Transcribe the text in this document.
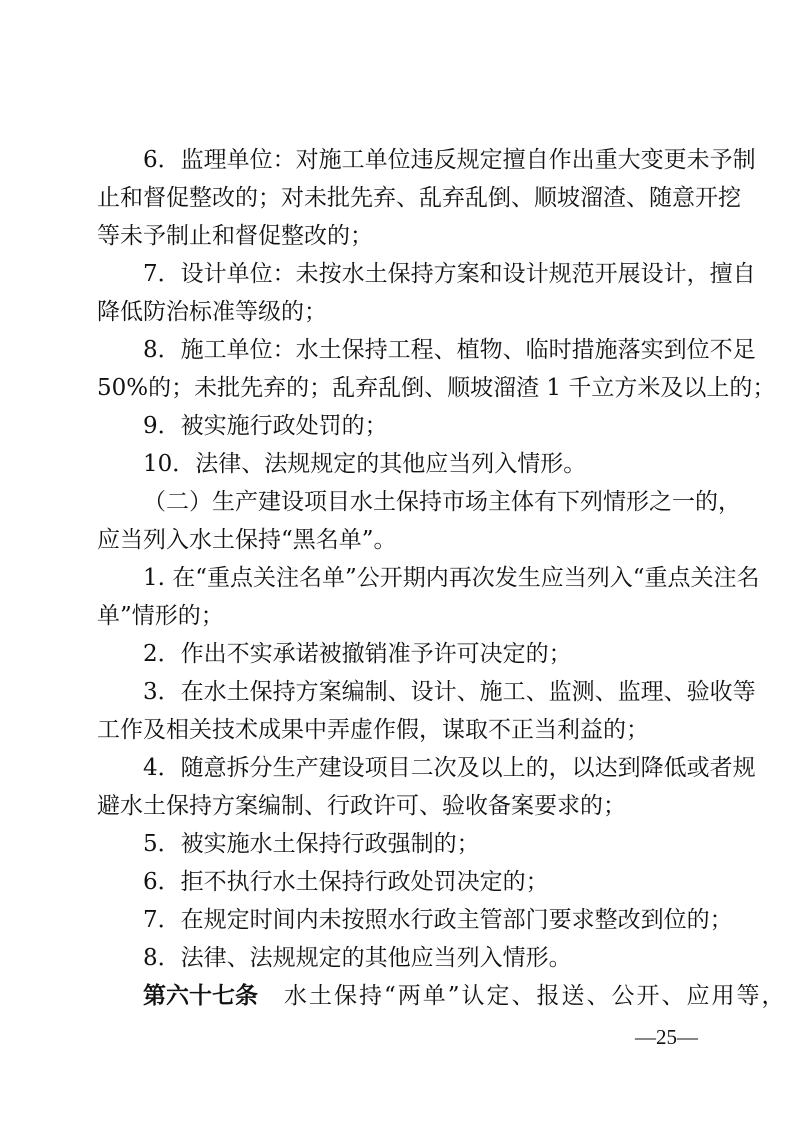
6．监理单位：对施工单位违反规定擅自作出重大变更未予制
止和督促整改的；对未批先弃、乱弃乱倒、顺坡溜渣、随意开挖
等未予制止和督促整改的；
7．设计单位：未按水土保持方案和设计规范开展设计，擅自
降低防治标准等级的；
8．施工单位：水土保持工程、植物、临时措施落实到位不足
50%的；未批先弃的；乱弃乱倒、顺坡溜渣 1 千立方米及以上的；
9．被实施行政处罚的；
10．法律、法规规定的其他应当列入情形。
（二）生产建设项目水土保持市场主体有下列情形之一的，
应当列入水土保持“黑名单”。
1. 在“重点关注名单”公开期内再次发生应当列入“重点关注名
单”情形的；
2．作出不实承诺被撤销准予许可决定的；
3．在水土保持方案编制、设计、施工、监测、监理、验收等
工作及相关技术成果中弄虚作假，谋取不正当利益的；
4．随意拆分生产建设项目二次及以上的，以达到降低或者规
避水土保持方案编制、行政许可、验收备案要求的；
5．被实施水土保持行政强制的；
6．拒不执行水土保持行政处罚决定的；
7．在规定时间内未按照水行政主管部门要求整改到位的；
8．法律、法规规定的其他应当列入情形。
第六十七条 水土保持“两单”认定、报送、公开、应用等，
—25—
